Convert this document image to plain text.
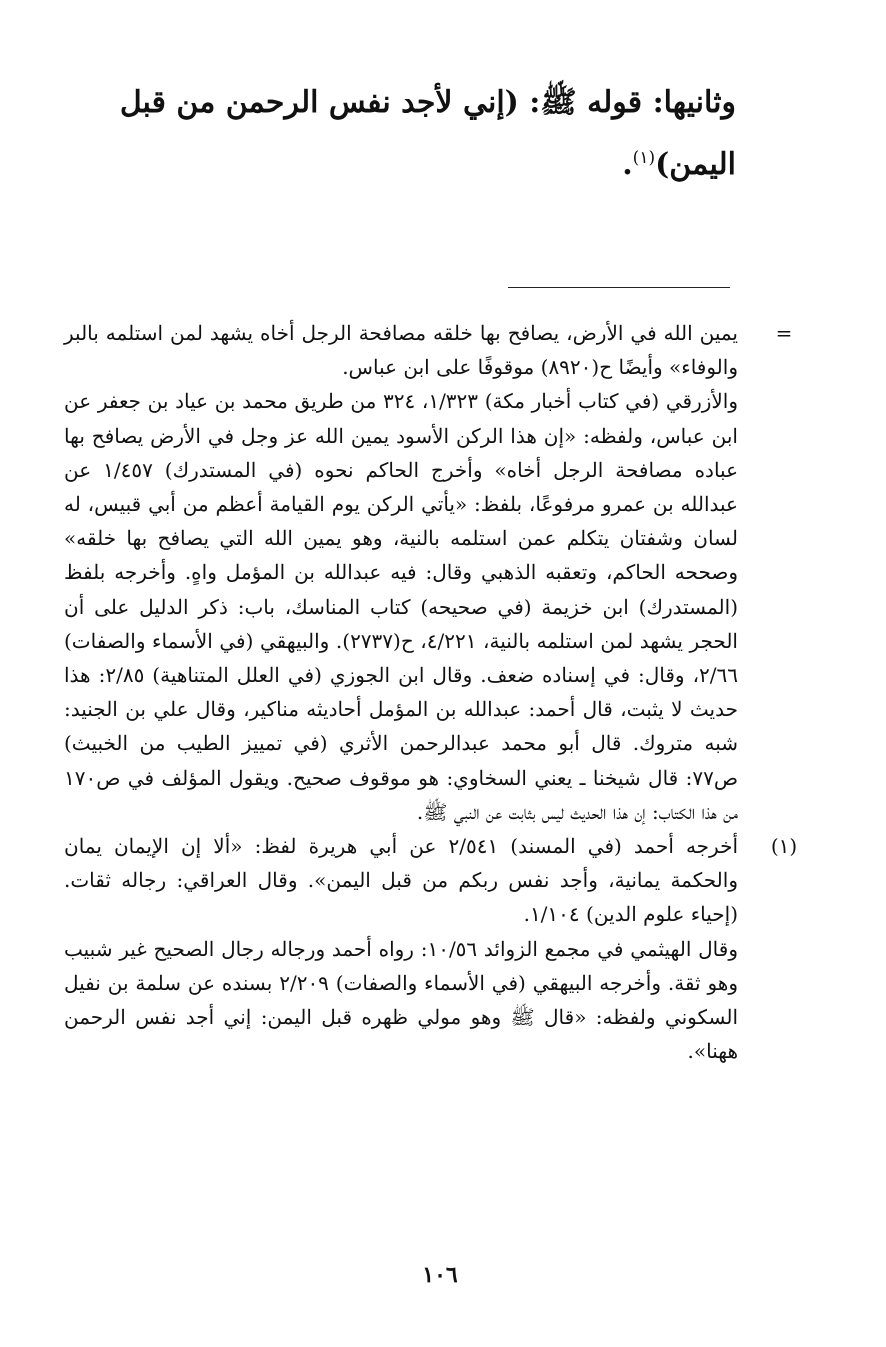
وثانيها: قوله ﷺ: (إني لأجد نفس الرحمن من قبل اليمن)$^{(١)}$.

=

يمين الله في الأرض، يصافح بها خلقه مصافحة الرجل أخاه يشهد لمن استلمه بالبر والوفاء» وأيضًا ح(٨٩٢٠) موقوفًا على ابن عباس.

والأزرقي (في كتاب أخبار مكة) ١/٣٢٣، ٣٢٤ من طريق محمد بن عياد بن جعفر عن ابن عباس، ولفظه: «إن هذا الركن الأسود يمين الله عز وجل في الأرض يصافح بها عباده مصافحة الرجل أخاه» وأخرج الحاكم نحوه (في المستدرك) ١/٤٥٧ عن عبدالله بن عمرو مرفوعًا، بلفظ: «يأتي الركن يوم القيامة أعظم من أبي قبيس، له لسان وشفتان يتكلم عمن استلمه بالنية، وهو يمين الله التي يصافح بها خلقه» وصححه الحاكم، وتعقبه الذهبي وقال: فيه عبدالله بن المؤمل واهٍ. وأخرجه بلفظ (المستدرك) ابن خزيمة (في صحيحه) كتاب المناسك، باب: ذكر الدليل على أن الحجر يشهد لمن استلمه بالنية، ٤/٢٢١، ح(٢٧٣٧). والبيهقي (في الأسماء والصفات) ٢/٦٦، وقال: في إسناده ضعف. وقال ابن الجوزي (في العلل المتناهية) ٢/٨٥: هذا حديث لا يثبت، قال أحمد: عبدالله بن المؤمل أحاديثه مناكير، وقال علي بن الجنيد: شبه متروك. قال أبو محمد عبدالرحمن الأثري (في تمييز الطيب من الخبيث) ص٧٧: قال شيخنا ـ يعني السخاوي: هو موقوف صحيح. ويقول المؤلف في ص١٧٠ من هذا الكتاب: إن هذا الحديث ليس بثابت عن النبي ﷺ.

(١)

أخرجه أحمد (في المسند) ٢/٥٤١ عن أبي هريرة لفظ: «ألا إن الإيمان يمان والحكمة يمانية، وأجد نفس ربكم من قبل اليمن». وقال العراقي: رجاله ثقات. (إحياء علوم الدين) ١/١٠٤.

وقال الهيثمي في مجمع الزوائد ١٠/٥٦: رواه أحمد ورجاله رجال الصحيح غير شبيب وهو ثقة. وأخرجه البيهقي (في الأسماء والصفات) ٢/٢٠٩ بسنده عن سلمة بن نفيل السكوني ولفظه: «قال ﷺ وهو مولي ظهره قبل اليمن: إني أجد نفس الرحمن ههنا».

١٠٦
